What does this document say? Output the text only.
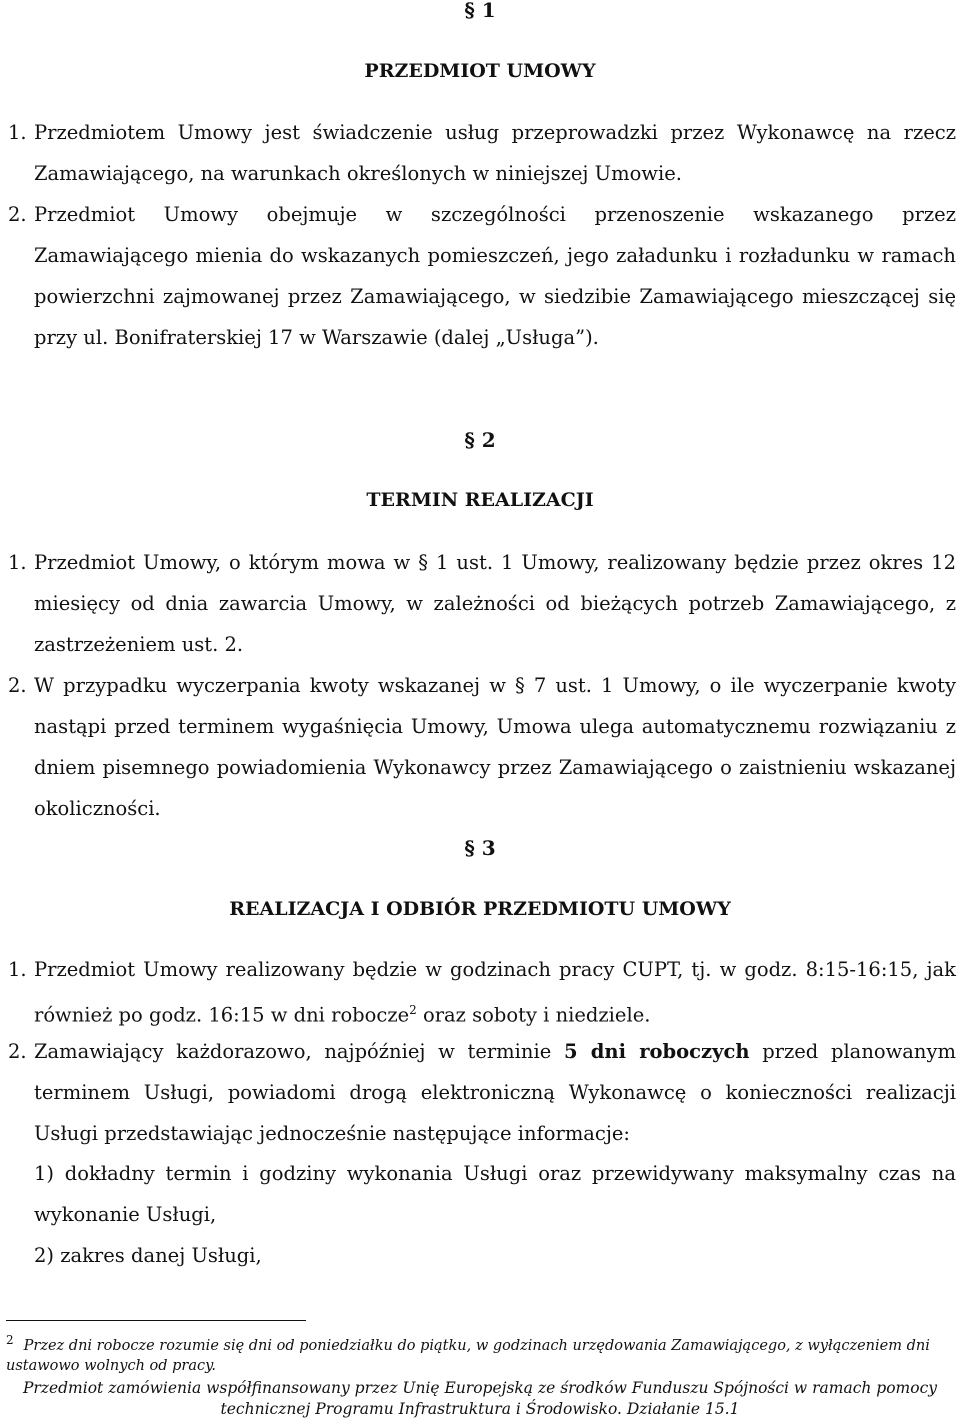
§ 1
PRZEDMIOT UMOWY
1. Przedmiotem Umowy jest świadczenie usług przeprowadzki przez Wykonawcę na rzecz Zamawiającego, na warunkach określonych w niniejszej Umowie.
2. Przedmiot Umowy obejmuje w szczególności przenoszenie wskazanego przez Zamawiającego mienia do wskazanych pomieszczeń, jego załadunku i rozładunku w ramach powierzchni zajmowanej przez Zamawiającego, w siedzibie Zamawiającego mieszczącej się przy ul. Bonifraterskiej 17 w Warszawie (dalej „Usługa”).
§ 2
TERMIN REALIZACJI
1. Przedmiot Umowy, o którym mowa w § 1 ust. 1 Umowy, realizowany będzie przez okres 12 miesięcy od dnia zawarcia Umowy, w zależności od bieżących potrzeb Zamawiającego, z zastrzeżeniem ust. 2.
2. W przypadku wyczerpania kwoty wskazanej w § 7 ust. 1 Umowy, o ile wyczerpanie kwoty nastąpi przed terminem wygaśnięcia Umowy, Umowa ulega automatycznemu rozwiązaniu z dniem pisemnego powiadomienia Wykonawcy przez Zamawiającego o zaistnieniu wskazanej okoliczności.
§ 3
REALIZACJA I ODBIÓR PRZEDMIOTU UMOWY
1. Przedmiot Umowy realizowany będzie w godzinach pracy CUPT, tj. w godz. 8:15-16:15, jak również po godz. 16:15 w dni robocze$^2$ oraz soboty i niedziele.
2. Zamawiający każdorazowo, najpóźniej w terminie 5 dni roboczych przed planowanym terminem Usługi, powiadomi drogą elektroniczną Wykonawcę o konieczności realizacji Usługi przedstawiając jednocześnie następujące informacje:
1) dokładny termin i godziny wykonania Usługi oraz przewidywany maksymalny czas na wykonanie Usługi,
2) zakres danej Usługi,
$^2$ Przez dni robocze rozumie się dni od poniedziałku do piątku, w godzinach urzędowania Zamawiającego, z wyłączeniem dni ustawowo wolnych od pracy.
Przedmiot zamówienia współfinansowany przez Unię Europejską ze środków Funduszu Spójności w ramach pomocy
technicznej Programu Infrastruktura i Środowisko. Działanie 15.1
